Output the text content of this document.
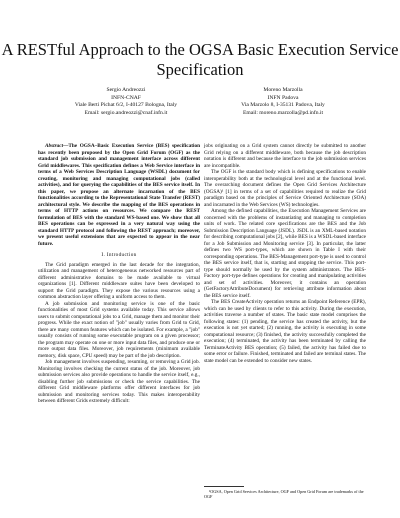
A RESTful Approach to the OGSA Basic Execution Service Specification
Sergio Andreozzi
INFN-CNAF
Viale Berti Pichat 6/2, I-40127 Bologna, Italy
Email: sergio.andreozzi@cnaf.infn.it
Moreno Marzolla
INFN Padova
Via Marzolo 8, I-35131 Padova, Italy
Email: moreno.marzolla@pd.infn.it

Abstract—The OGSA–Basic Execution Service (BES) specification has recently been proposed by the Open Grid Forum (OGF) as the standard job submission and management interface across different Grid middlewares. This specification defines a Web Service interface in terms of a Web Services Description Language (WSDL) document for creating, monitoring and managing computational jobs (called activities), and for querying the capabilities of the BES service itself. In this paper, we propose an alternate incarnation of the BES functionalities according to the Representational State Transfer (REST) architectural style. We describe the mapping of the BES operations in terms of HTTP actions on resources. We compare the REST formulation of BES with the standard WS-based one. We show that all BES operations can be expressed in a very natural way using the standard HTTP protocol and following the REST approach; moreover, we present useful extensions that are expected to appear in the near future.

I. Introduction

The Grid paradigm emerged in the last decade for the integration, utilization and management of heterogeneous networked resources part of different administrative domains to be made available to virtual organizations [1]. Different middleware suites have been developed to support the Grid paradigm. They expose the various resources using a common abstraction layer offering a uniform access to them.

A job submission and monitoring service is one of the basic functionalities of most Grid systems available today. This service allows users to submit computational jobs to a Grid, manage them and monitor their progress. While the exact notion of "job" usually varies from Grid to Grid, there are many common features which can be isolated. For example, a "job" usually consists of running some executable program on a given processor; the program may operate on one or more input data files, and produce one or more output data files. Moreover, job requirements (minimum available memory, disk space, CPU speed) may be part of the job description.

Job management involves suspending, resuming, or removing a Grid job. Monitoring involves checking the current status of the job. Moreover, job submission services also provide operations to handle the service itself, e.g., disabling further job submissions or check the service capabilities. The different Grid middleware platforms offer different interfaces for job submission and monitoring services today. This makes interoperability between different Grids extremely difficult:

jobs originating on a Grid system cannot directly be submitted to another Grid relying on a different middleware, both because the job description notation is different and because the interface to the job submission services are incompatible.

The OGF is the standard body which is defining specifications to enable interoperability both at the technological level and at the functional level. The overarching document defines the Open Grid Services Architecture (OGSA)¹ [1] in terms of a set of capabilities required to realize the Grid paradigm based on the principles of Service Oriented Architecture (SOA) and incarnated in the Web Services (WS) technologies.

Among the defined capabilities, the Execution Management Services are concerned with the problems of instantiating and managing to completion units of work. The related core specifications are the BES and the Job Submission Description Language (JSDL). JSDL is an XML-based notation for describing computational jobs [2], while BES is a WSDL-based interface for a Job Submission and Monitoring service [3]. In particular, the latter defines two WS port-types, which are shown in Table I with their corresponding operations. The BES-Management port-type is used to control the BES service itself, that is, starting and stopping the service. This port-type should normally be used by the system administrators. The BES-Factory port-type defines operations for creating and manipulating activities and set of activities. Moreover, it contains an operation (GetFactoryAttributeDocument) for retrieving attribute information about the BES service itself.

The BES CreateActivity operation returns an Endpoint Reference (EPR), which can be used by clients to refer to this activity. During the execution, activities traverse a number of states. The basic state model comprises the following states: (1) pending, the service has created the activity, but the execution is not yet started; (2) running, the activity is executing in some computational resource; (3) finished, the activity successfully completed the execution; (4) terminated, the activity has been terminated by calling the TerminateActivity BES operation; (5) failed, the activity has failed due to some error or failure. Finished, terminated and failed are terminal states. The state model can be extended to consider new states.

¹OGSA, Open Grid Services Architecture, OGF and Open Grid Forum are trademarks of the OGF
